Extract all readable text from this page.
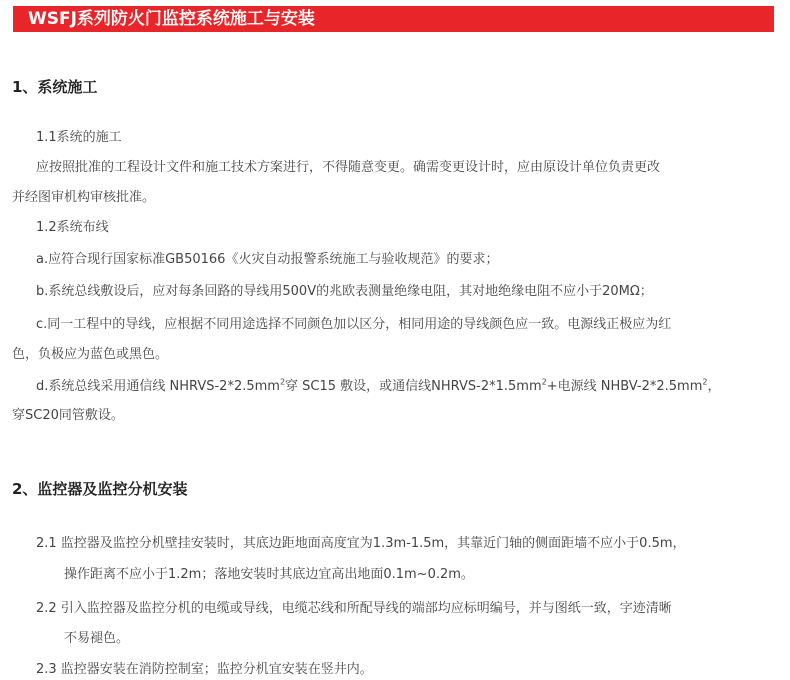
WSFJ系列防火门监控系统施工与安装
1、系统施工
1.1系统的施工
应按照批准的工程设计文件和施工技术方案进行，不得随意变更。确需变更设计时，应由原设计单位负责更改
并经图审机构审核批准。
1.2系统布线
a.应符合现行国家标准GB50166《火灾自动报警系统施工与验收规范》的要求；
b.系统总线敷设后，应对每条回路的导线用500V的兆欧表测量绝缘电阻，其对地绝缘电阻不应小于20MΩ；
c.同一工程中的导线，应根据不同用途选择不同颜色加以区分，相同用途的导线颜色应一致。电源线正极应为红
色，负极应为蓝色或黑色。
d.系统总线采用通信线 NHRVS-$2*2.5mm^2$穿 SC15 敷设，或通信线NHRVS-$2*1.5mm^2+$电源线 NHBV-$2*2.5mm^2$，
穿SC20同管敷设。
2、监控器及监控分机安装
2.1 监控器及监控分机壁挂安装时，其底边距地面高度宜为1.3m-1.5m，其靠近门轴的侧面距墙不应小于0.5m，
操作距离不应小于1.2m；落地安装时其底边宜高出地面0.1m~0.2m。
2.2 引入监控器及监控分机的电缆或导线，电缆芯线和所配导线的端部均应标明编号，并与图纸一致，字迹清晰
不易褪色。
2.3 监控器安装在消防控制室；监控分机宜安装在竖井内。
